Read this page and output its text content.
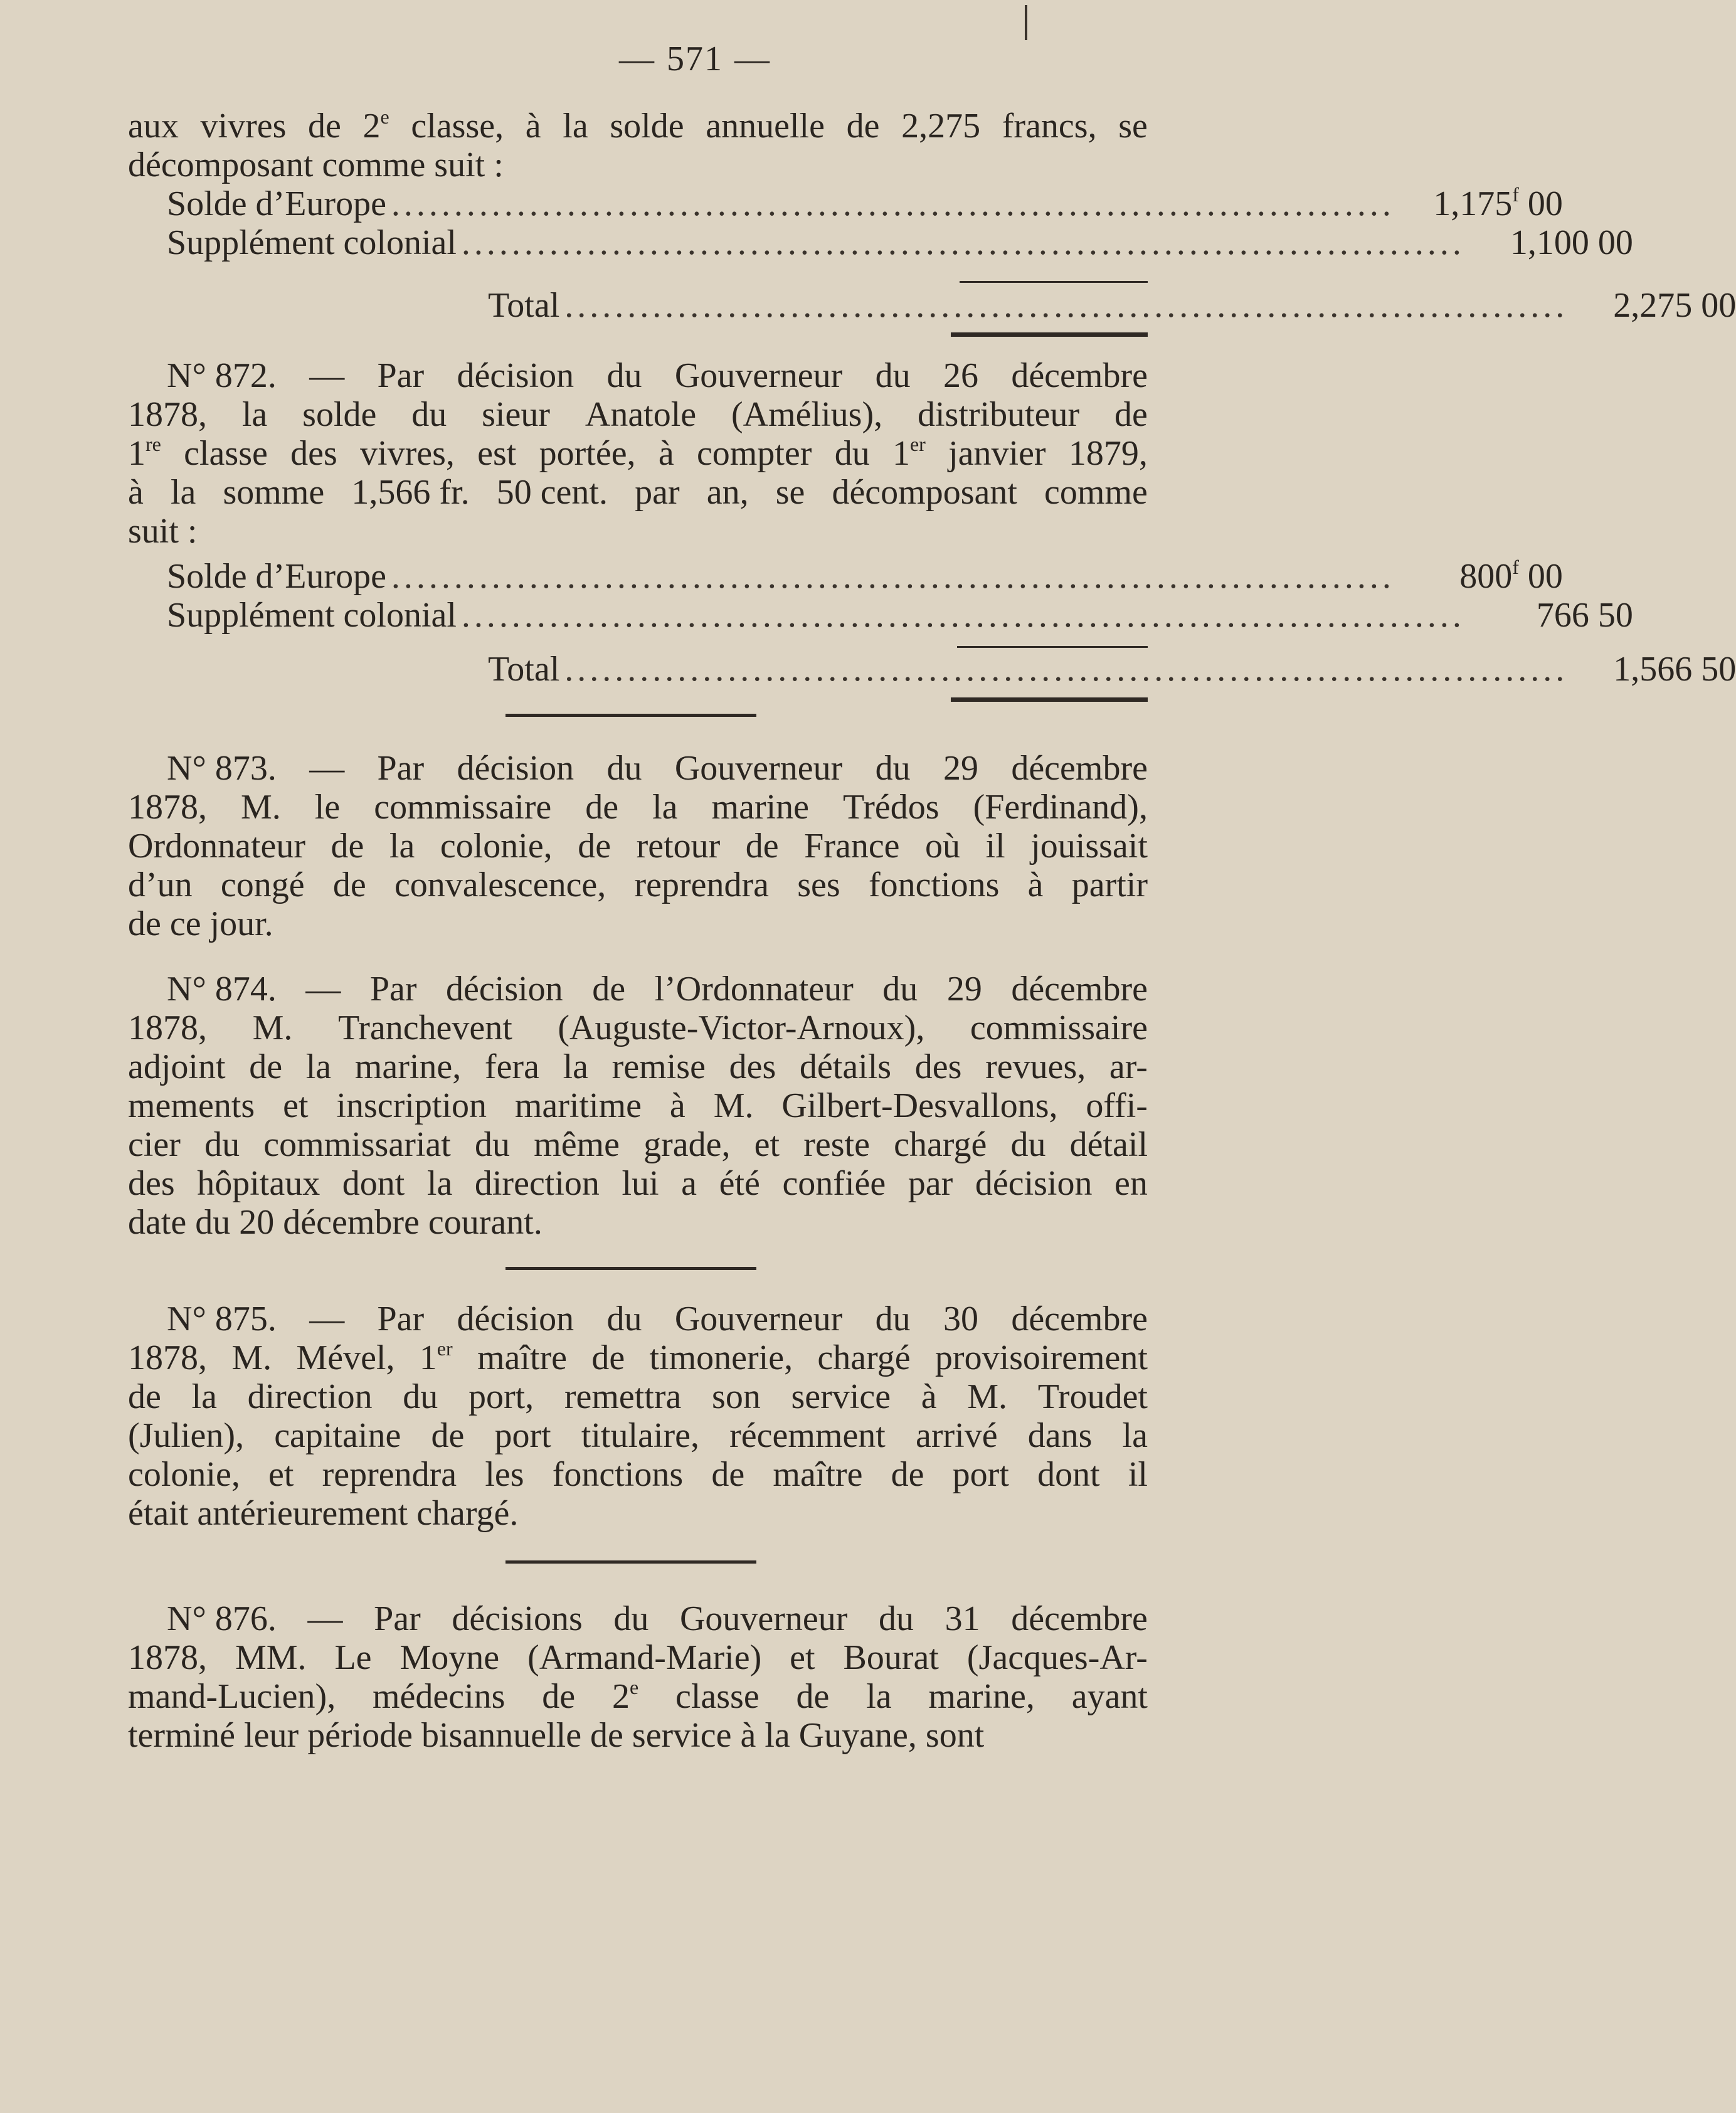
— 571 —
aux vivres de 2e classe, à la solde annuelle de 2,275 francs, se
décomposant comme suit :
Solde d’Europe ................................................................................	1,175$^f$ 00
Supplément colonial ................................................................................	1,100 00
Total ................................................................................	2,275 00
N° 872. — Par décision du Gouverneur du 26 décembre
1878, la solde du sieur Anatole (Amélius), distributeur de
1re classe des vivres, est portée, à compter du 1er janvier 1879,
à la somme 1,566 fr. 50 cent. par an, se décomposant comme
suit :
Solde d’Europe ................................................................................	800$^f$ 00
Supplément colonial ................................................................................	766 50
Total ................................................................................	1,566 50
N° 873. — Par décision du Gouverneur du 29 décembre
1878, M. le commissaire de la marine Trédos (Ferdinand),
Ordonnateur de la colonie, de retour de France où il jouissait
d’un congé de convalescence, reprendra ses fonctions à partir
de ce jour.
N° 874. — Par décision de l’Ordonnateur du 29 décembre
1878, M. Tranchevent (Auguste-Victor-Arnoux), commissaire
adjoint de la marine, fera la remise des détails des revues, ar-
mements et inscription maritime à M. Gilbert-Desvallons, offi-
cier du commissariat du même grade, et reste chargé du détail
des hôpitaux dont la direction lui a été confiée par décision en
date du 20 décembre courant.
N° 875. — Par décision du Gouverneur du 30 décembre
1878, M. Mével, 1er maître de timonerie, chargé provisoirement
de la direction du port, remettra son service à M. Troudet
(Julien), capitaine de port titulaire, récemment arrivé dans la
colonie, et reprendra les fonctions de maître de port dont il
était antérieurement chargé.
N° 876. — Par décisions du Gouverneur du 31 décembre
1878, MM. Le Moyne (Armand-Marie) et Bourat (Jacques-Ar-
mand-Lucien), médecins de 2e classe de la marine, ayant
terminé leur période bisannuelle de service à la Guyane, sont
